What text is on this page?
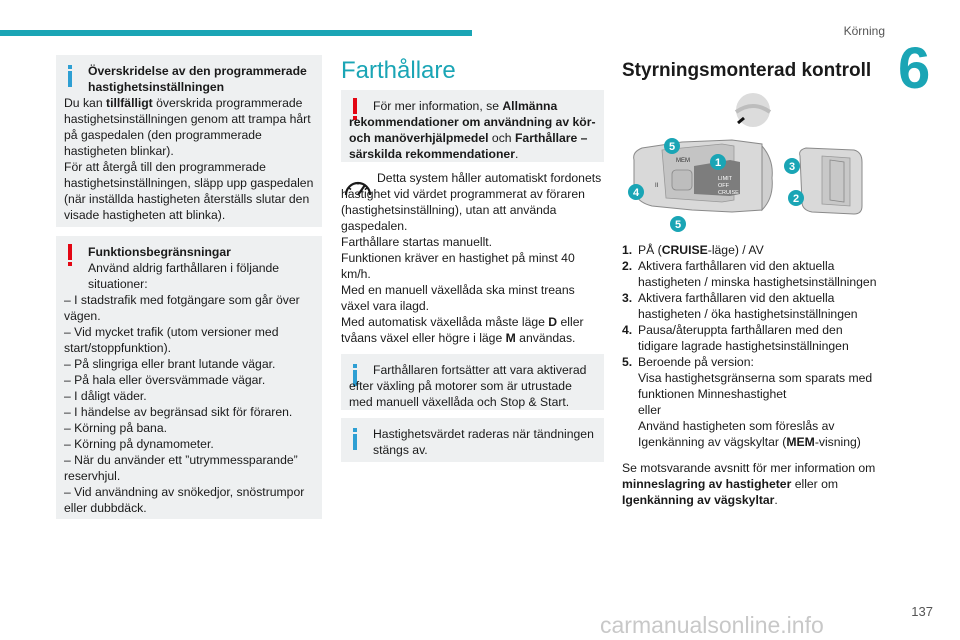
Körning
6

Överskridelse av den programmerade hastighetsinställningen

Du kan tillfälligt överskrida programmerade hastighetsinställningen genom att trampa hårt på gaspedalen (den programmerade hastigheten blinkar).

För att återgå till den programmerade hastighetsinställningen, släpp upp gaspedalen (när inställda hastigheten återställs slutar den visade hastigheten att blinka).

Funktionsbegränsningar

Använd aldrig farthållaren i följande situationer:

– I stadstrafik med fotgängare som går över vägen.

– Vid mycket trafik (utom versioner med start/stoppfunktion).

– På slingriga eller brant lutande vägar.

– På hala eller översvämmade vägar.

– I dåligt väder.

– I händelse av begränsad sikt för föraren.

– Körning på bana.

– Körning på dynamometer.

– När du använder ett ”utrymmessparande” reservhjul.

– Vid användning av snökedjor, snöstrumpor eller dubbdäck.

Farthållare

För mer information, se Allmänna rekommendationer om användning av kör- och manöverhjälpmedel och Farthållare – särskilda rekommendationer.

Detta system håller automatiskt fordonets hastighet vid värdet programmerat av föraren (hastighetsinställning), utan att använda gaspedalen.

Farthållare startas manuellt.

Funktionen kräver en hastighet på minst 40 km/h.

Med en manuell växellåda ska minst treans växel vara ilagd.

Med automatisk växellåda måste läge D eller tvåans växel eller högre i läge M användas.

Farthållaren fortsätter att vara aktiverad efter växling på motorer som är utrustade med manuell växellåda och Stop & Start.

Hastighetsvärdet raderas när tändningen stängs av.

Styrningsmonterad kontroll
MEM
LIMIT
OFF
CRUISE
II
1
2
3
4
5
5
1. PÅ (CRUISE-läge) / AV
2. Aktivera farthållaren vid den aktuella hastigheten / minska hastighetsinställningen
3. Aktivera farthållaren vid den aktuella hastigheten / öka hastighetsinställningen
4. Pausa/återuppta farthållaren med den tidigare lagrade hastighetsinställningen
5. Beroende på version:
Visa hastighetsgränserna som sparats med funktionen Minneshastighet
eller
Använd hastigheten som föreslås av Igenkänning av vägskyltar (MEM-visning)

Se motsvarande avsnitt för mer information om minneslagring av hastigheter eller om Igenkänning av vägskyltar.

137
carmanualsonline.info
